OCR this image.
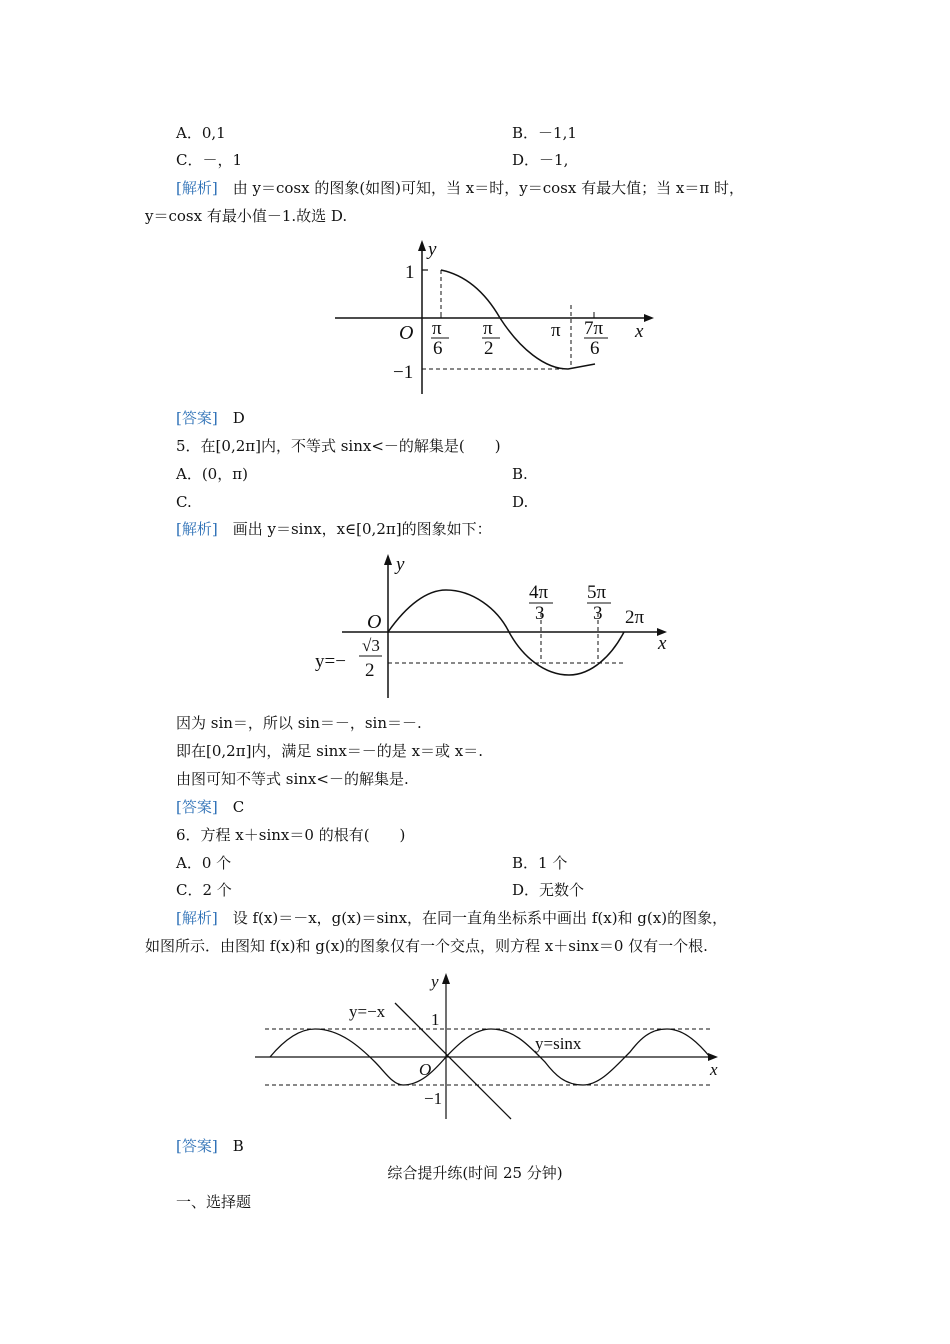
A．0,1	B．－1,1
C．－，1	D．－1,
[解析]　 由 y＝cosx 的图象(如图)可知，当 x＝时，y＝cosx 有最大值；当 x＝π 时，
y＝cosx 有最小值－1.故选 D.
y
x
O
1
−1
π
6
π
2
π 7π
6
[答案]　 D
5．在[0,2π]内，不等式 sinx<－的解集是(　　)
A．(0，π)	B.
C.	D.
[解析]　 画出 y＝sinx，x∈[0,2π]的图象如下：
y
x
O
4π
3
5π
3 2π
y=−
√3
2
因为 sin＝，所以 sin＝－，sin＝－.
即在[0,2π]内，满足 sinx＝－的是 x＝或 x＝.
由图可知不等式 sinx<－的解集是.
[答案]　 C
6．方程 x＋sinx＝0 的根有(　　)
A．0 个	B．1 个
C．2 个	D．无数个
[解析]　 设 f(x)＝－x，g(x)＝sinx，在同一直角坐标系中画出 f(x)和 g(x)的图象，
如图所示．由图知 f(x)和 g(x)的图象仅有一个交点，则方程 x＋sinx＝0 仅有一个根.
y
x
O
1
−1
y=−x
y=sinx
[答案]　 B
综合提升练(时间 25 分钟)
一、选择题
